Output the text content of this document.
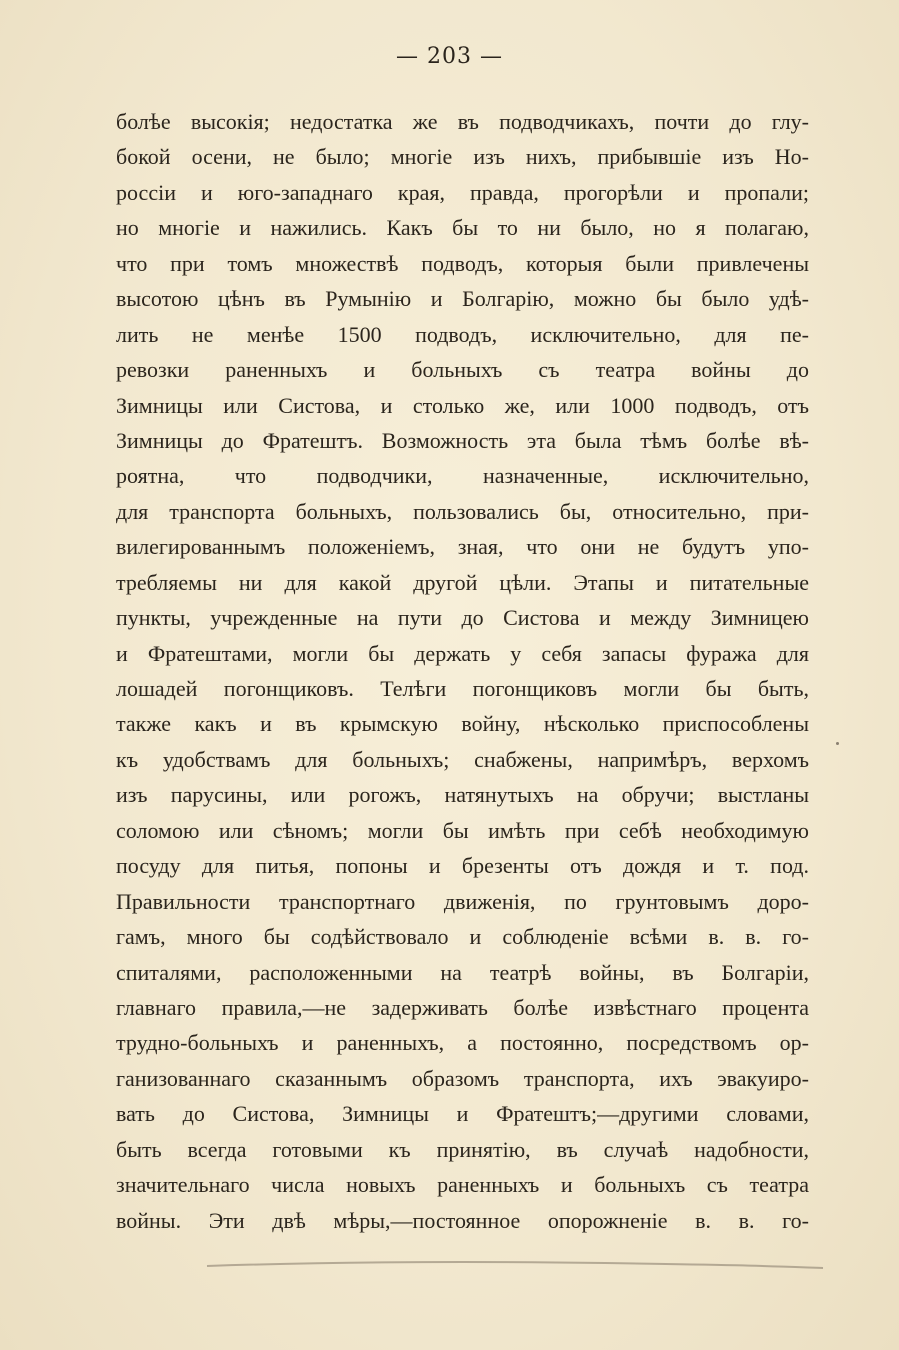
— 203 —
болѣе высокія; недостатка же въ подводчикахъ, почти до глу-
бокой осени, не было; многіе изъ нихъ, прибывшіе изъ Но-
россіи и юго-западнаго края, правда, прогорѣли и пропали;
но многіе и нажились. Какъ бы то ни было, но я полагаю,
что при томъ множествѣ подводъ, которыя были привлечены
высотою цѣнъ въ Румынію и Болгарію, можно бы было удѣ-
лить не менѣе 1500 подводъ, исключительно, для пе-
ревозки раненныхъ и больныхъ съ театра войны до
Зимницы или Систова, и столько же, или 1000 подводъ, отъ
Зимницы до Фратештъ. Возможность эта была тѣмъ болѣе вѣ-
роятна, что подводчики, назначенные, исключительно,
для транспорта больныхъ, пользовались бы, относительно, при-
вилегированнымъ положеніемъ, зная, что они не будутъ упо-
требляемы ни для какой другой цѣли. Этапы и питательные
пункты, учрежденные на пути до Систова и между Зимницею
и Фратештами, могли бы держать у себя запасы фуража для
лошадей погонщиковъ. Телѣги погонщиковъ могли бы быть,
также какъ и въ крымскую войну, нѣсколько приспособлены
къ удобствамъ для больныхъ; снабжены, напримѣръ, верхомъ
изъ парусины, или рогожъ, натянутыхъ на обручи; выстланы
соломою или сѣномъ; могли бы имѣть при себѣ необходимую
посуду для питья, попоны и брезенты отъ дождя и т. под.
Правильности транспортнаго движенія, по грунтовымъ доро-
гамъ, много бы содѣйствовало и соблюденіе всѣми в. в. го-
спиталями, расположенными на театрѣ войны, въ Болгаріи,
главнаго правила,—не задерживать болѣе извѣстнаго процента
трудно-больныхъ и раненныхъ, а постоянно, посредствомъ ор-
ганизованнаго сказаннымъ образомъ транспорта, ихъ эвакуиро-
вать до Систова, Зимницы и Фратештъ;—другими словами,
быть всегда готовыми къ принятію, въ случаѣ надобности,
значительнаго числа новыхъ раненныхъ и больныхъ съ театра
войны. Эти двѣ мѣры,—постоянное опорожненіе в. в. го-
